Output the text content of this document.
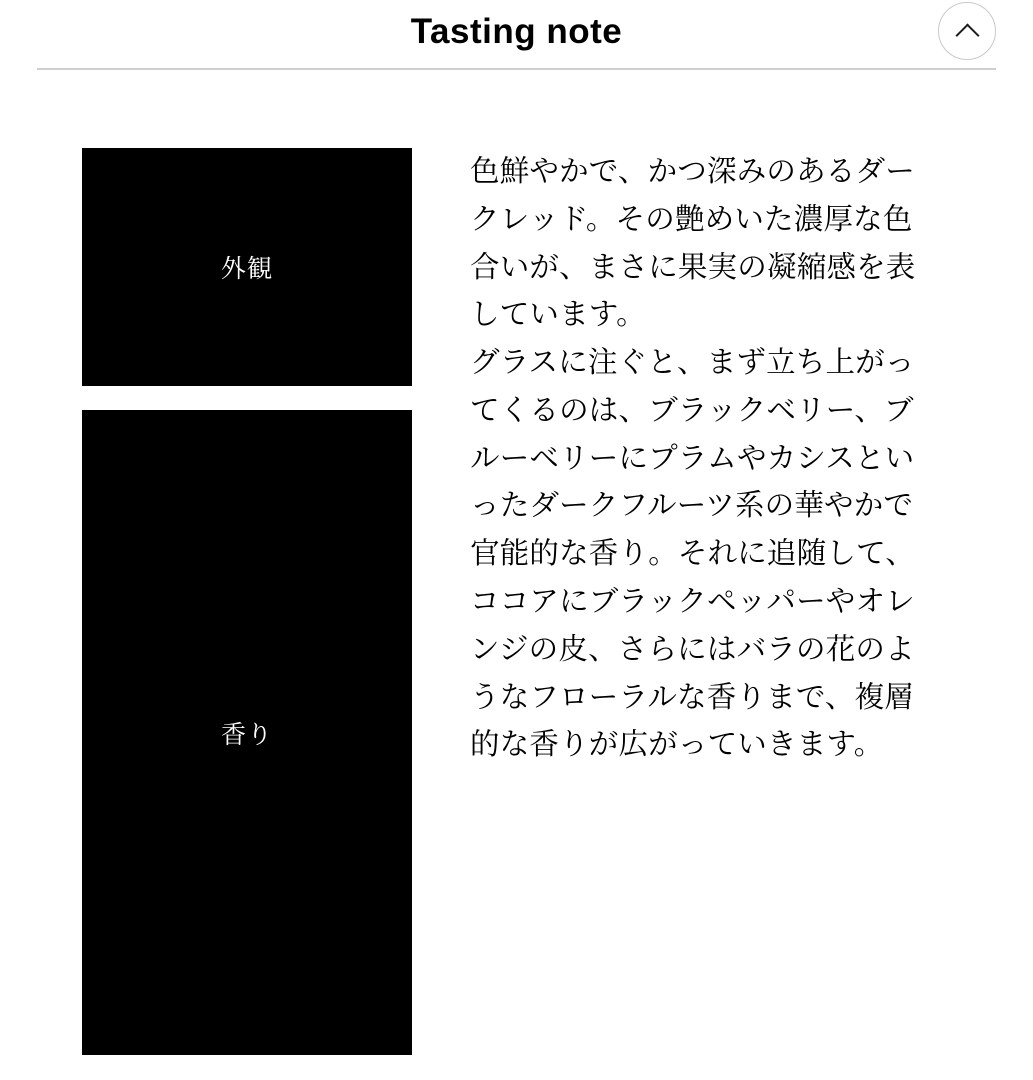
Tasting note
外観
香り

色鮮やかで、かつ深みのあるダークレッド。その艶めいた濃厚な色合いが、まさに果実の凝縮感を表しています。

グラスに注ぐと、まず立ち上がってくるのは、ブラックベリー、ブルーベリーにプラムやカシスといったダークフルーツ系の華やかで官能的な香り。それに追随して、ココアにブラックペッパーやオレンジの皮、さらにはバラの花のようなフローラルな香りまで、複層的な香りが広がっていきます。
